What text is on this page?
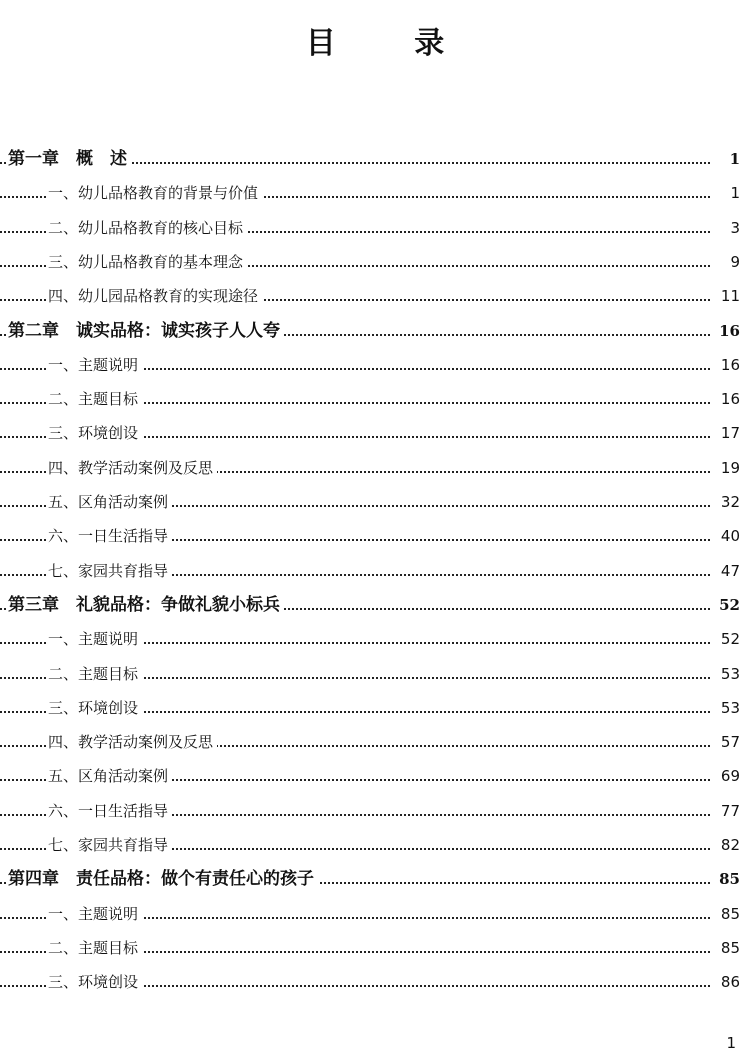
目 录
第一章　概　述	1
一、幼儿品格教育的背景与价值	1
二、幼儿品格教育的核心目标	3
三、幼儿品格教育的基本理念	9
四、幼儿园品格教育的实现途径	11
第二章　诚实品格：诚实孩子人人夸	16
一、主题说明	16
二、主题目标	16
三、环境创设	17
四、教学活动案例及反思	19
五、区角活动案例	32
六、一日生活指导	40
七、家园共育指导	47
第三章　礼貌品格：争做礼貌小标兵	52
一、主题说明	52
二、主题目标	53
三、环境创设	53
四、教学活动案例及反思	57
五、区角活动案例	69
六、一日生活指导	77
七、家园共育指导	82
第四章　责任品格：做个有责任心的孩子	85
一、主题说明	85
二、主题目标	85
三、环境创设	86
1
